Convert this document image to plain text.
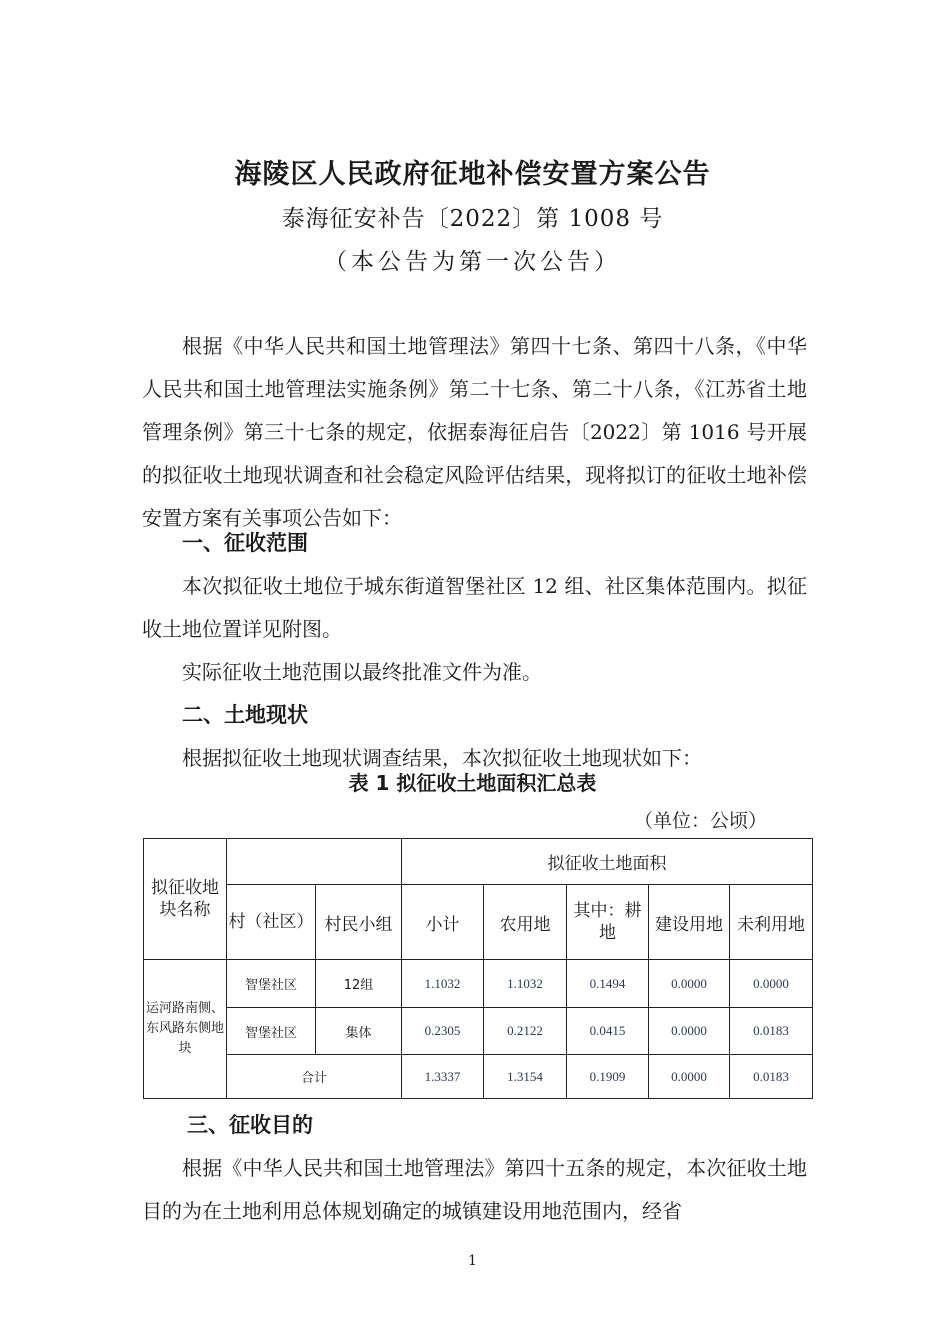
海陵区人民政府征地补偿安置方案公告
泰海征安补告〔2022〕第 1008 号
（本公告为第一次公告）

根据《中华人民共和国土地管理法》第四十七条、第四十八条，《中华人民共和国土地管理法实施条例》第二十七条、第二十八条，《江苏省土地管理条例》第三十七条的规定，依据泰海征启告〔2022〕第 1016 号开展的拟征收土地现状调查和社会稳定风险评估结果，现将拟订的征收土地补偿安置方案有关事项公告如下：

一、征收范围

本次拟征收土地位于城东街道智堡社区 12 组、社区集体范围内。拟征收土地位置详见附图。

实际征收土地范围以最终批准文件为准。

二、土地现状

根据拟征收土地现状调查结果，本次拟征收土地现状如下：

表 1 拟征收土地面积汇总表
（单位：公顷）
拟征收地块名称			拟征收土地面积				
	村（社区）	村民小组	小计	农用地	其中：耕地	建设用地	未利用地
运河路南侧、东风路东侧地块	智堡社区	12组	1.1032	1.1032	0.1494	0.0000	0.0000
	智堡社区	集体	0.2305	0.2122	0.0415	0.0000	0.0183
	合计		1.3337	1.3154	0.1909	0.0000	0.0183

三、征收目的

根据《中华人民共和国土地管理法》第四十五条的规定，本次征收土地目的为在土地利用总体规划确定的城镇建设用地范围内，经省

1
